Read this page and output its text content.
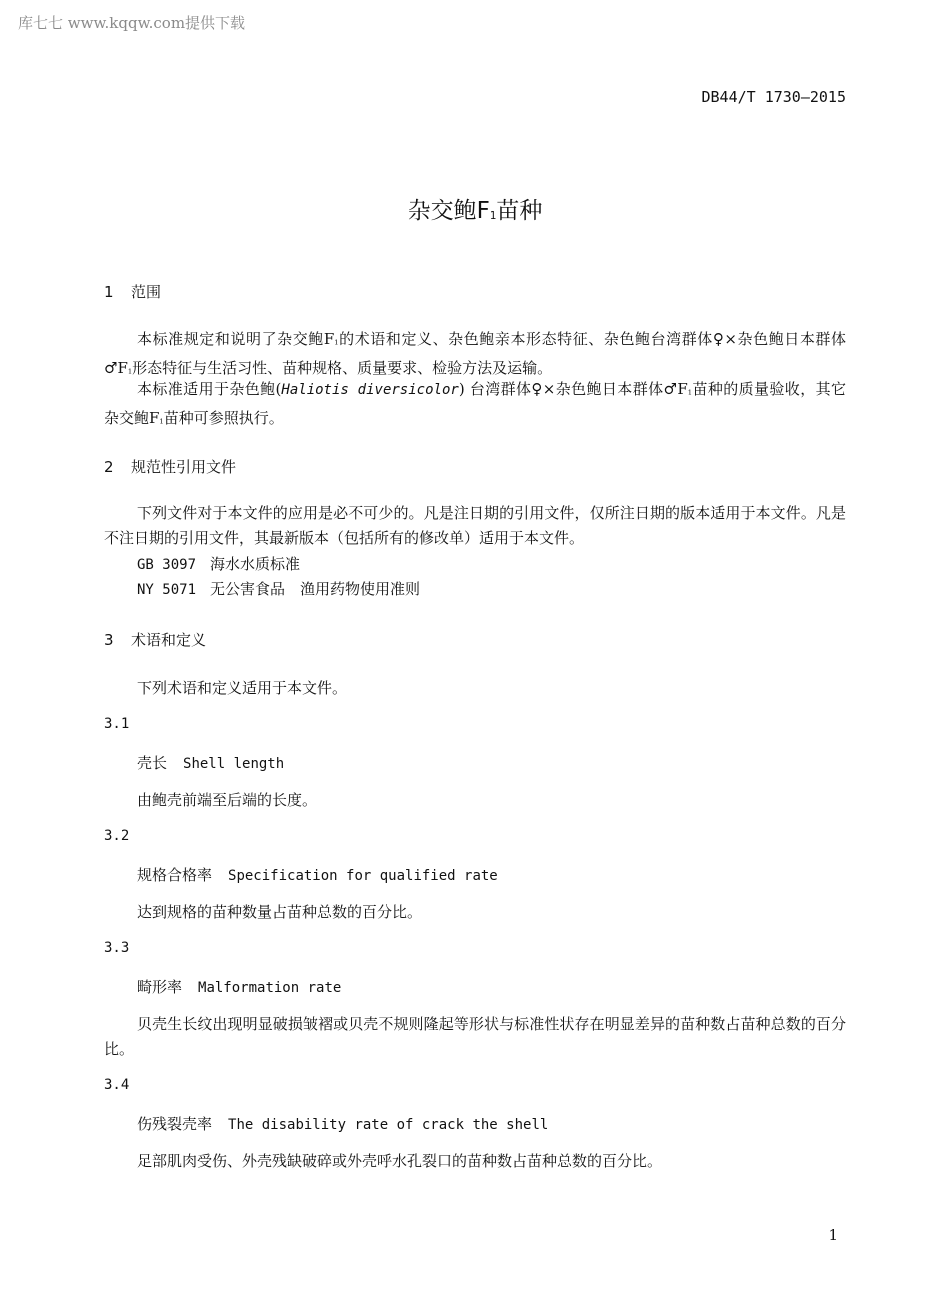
库七七 www.kqqw.com提供下载
DB44/T 1730—2015
杂交鲍F1苗种
1 范围
本标准规定和说明了杂交鲍F1的术语和定义、杂色鲍亲本形态特征、杂色鲍台湾群体♀×杂色鲍日本群体♂F1形态特征与生活习性、苗种规格、质量要求、检验方法及运输。
本标准适用于杂色鲍(Haliotis diversicolor) 台湾群体♀×杂色鲍日本群体♂F1苗种的质量验收，其它杂交鲍F1苗种可参照执行。
2 规范性引用文件
下列文件对于本文件的应用是必不可少的。凡是注日期的引用文件，仅所注日期的版本适用于本文件。凡是不注日期的引用文件，其最新版本（包括所有的修改单）适用于本文件。
GB 3097 海水水质标准
NY 5071 无公害食品　渔用药物使用准则
3 术语和定义
下列术语和定义适用于本文件。
3.1
壳长 Shell length
由鲍壳前端至后端的长度。
3.2
规格合格率 Specification for qualified rate
达到规格的苗种数量占苗种总数的百分比。
3.3
畸形率 Malformation rate
贝壳生长纹出现明显破损皱褶或贝壳不规则隆起等形状与标准性状存在明显差异的苗种数占苗种总数的百分比。
3.4
伤残裂壳率 The disability rate of crack the shell
足部肌肉受伤、外壳残缺破碎或外壳呼水孔裂口的苗种数占苗种总数的百分比。
1
